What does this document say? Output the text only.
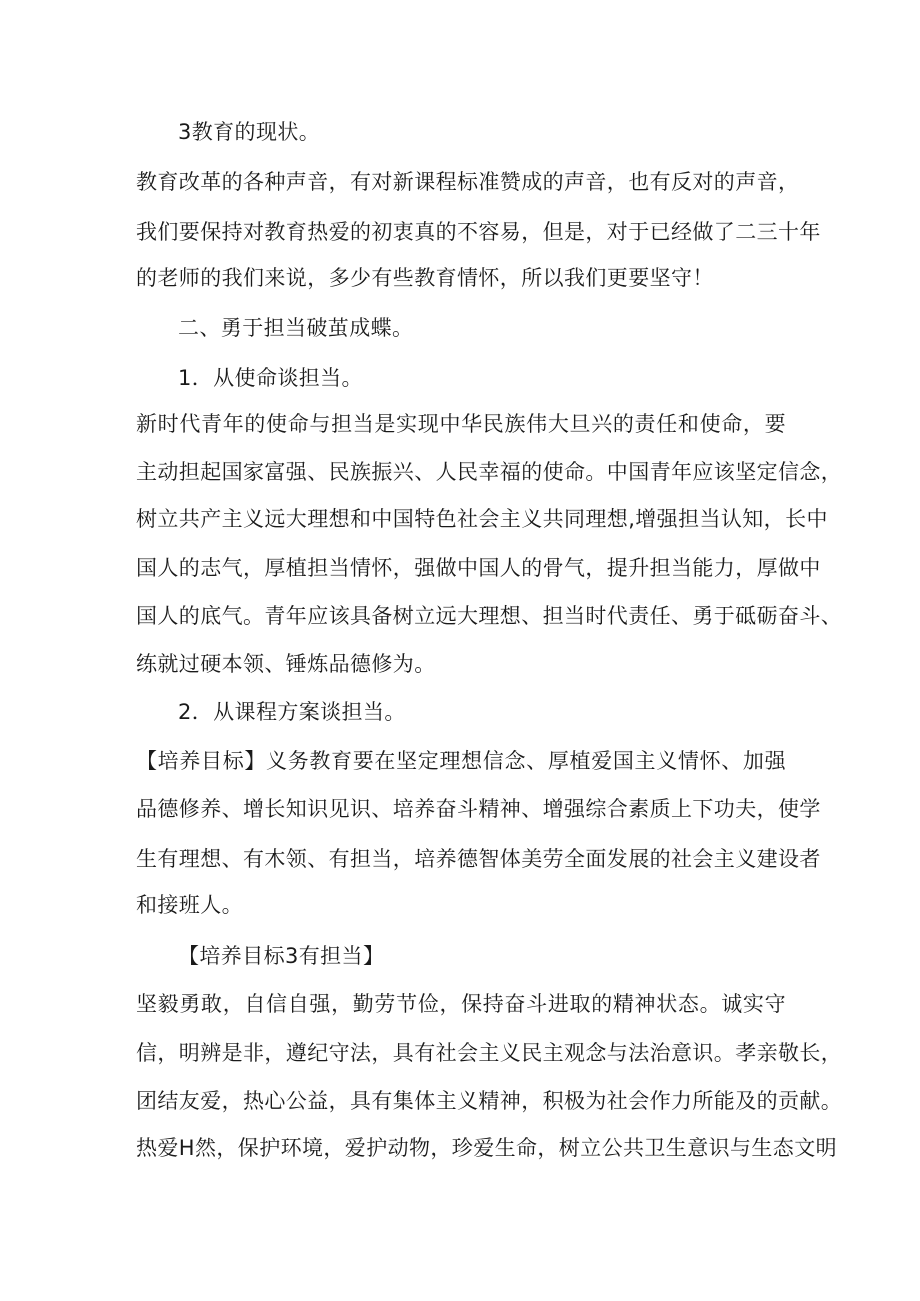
3教育的现状。
教育改革的各种声音，有对新课程标准赞成的声音，也有反对的声音，
我们要保持对教育热爱的初衷真的不容易，但是，对于已经做了二三十年
的老师的我们来说，多少有些教育情怀，所以我们更要坚守！
二、勇于担当破茧成蝶。
1．从使命谈担当。
新时代青年的使命与担当是实现中华民族伟大旦兴的责任和使命，要
主动担起国家富强、民族振兴、人民幸福的使命。中国青年应该坚定信念，
树立共产主义远大理想和中国特色社会主义共同理想,增强担当认知，长中
国人的志气，厚植担当情怀，强做中国人的骨气，提升担当能力，厚做中
国人的底气。青年应该具备树立远大理想、担当时代责任、勇于砥砺奋斗、
练就过硬本领、锤炼品德修为。
2．从课程方案谈担当。
【培养目标】义务教育要在坚定理想信念、厚植爱国主义情怀、加强
品德修养、增长知识见识、培养奋斗精神、增强综合素质上下功夫，使学
生有理想、有木领、有担当，培养德智体美劳全面发展的社会主义建设者
和接班人。
【培养目标3有担当】
坚毅勇敢，自信自强，勤劳节俭，保持奋斗进取的精神状态。诚实守
信，明辨是非，遵纪守法，具有社会主义民主观念与法治意识。孝亲敬长，
团结友爱，热心公益，具有集体主义精神，积极为社会作力所能及的贡献。
热爱H然，保护环境，爱护动物，珍爱生命，树立公共卫生意识与生态文明
